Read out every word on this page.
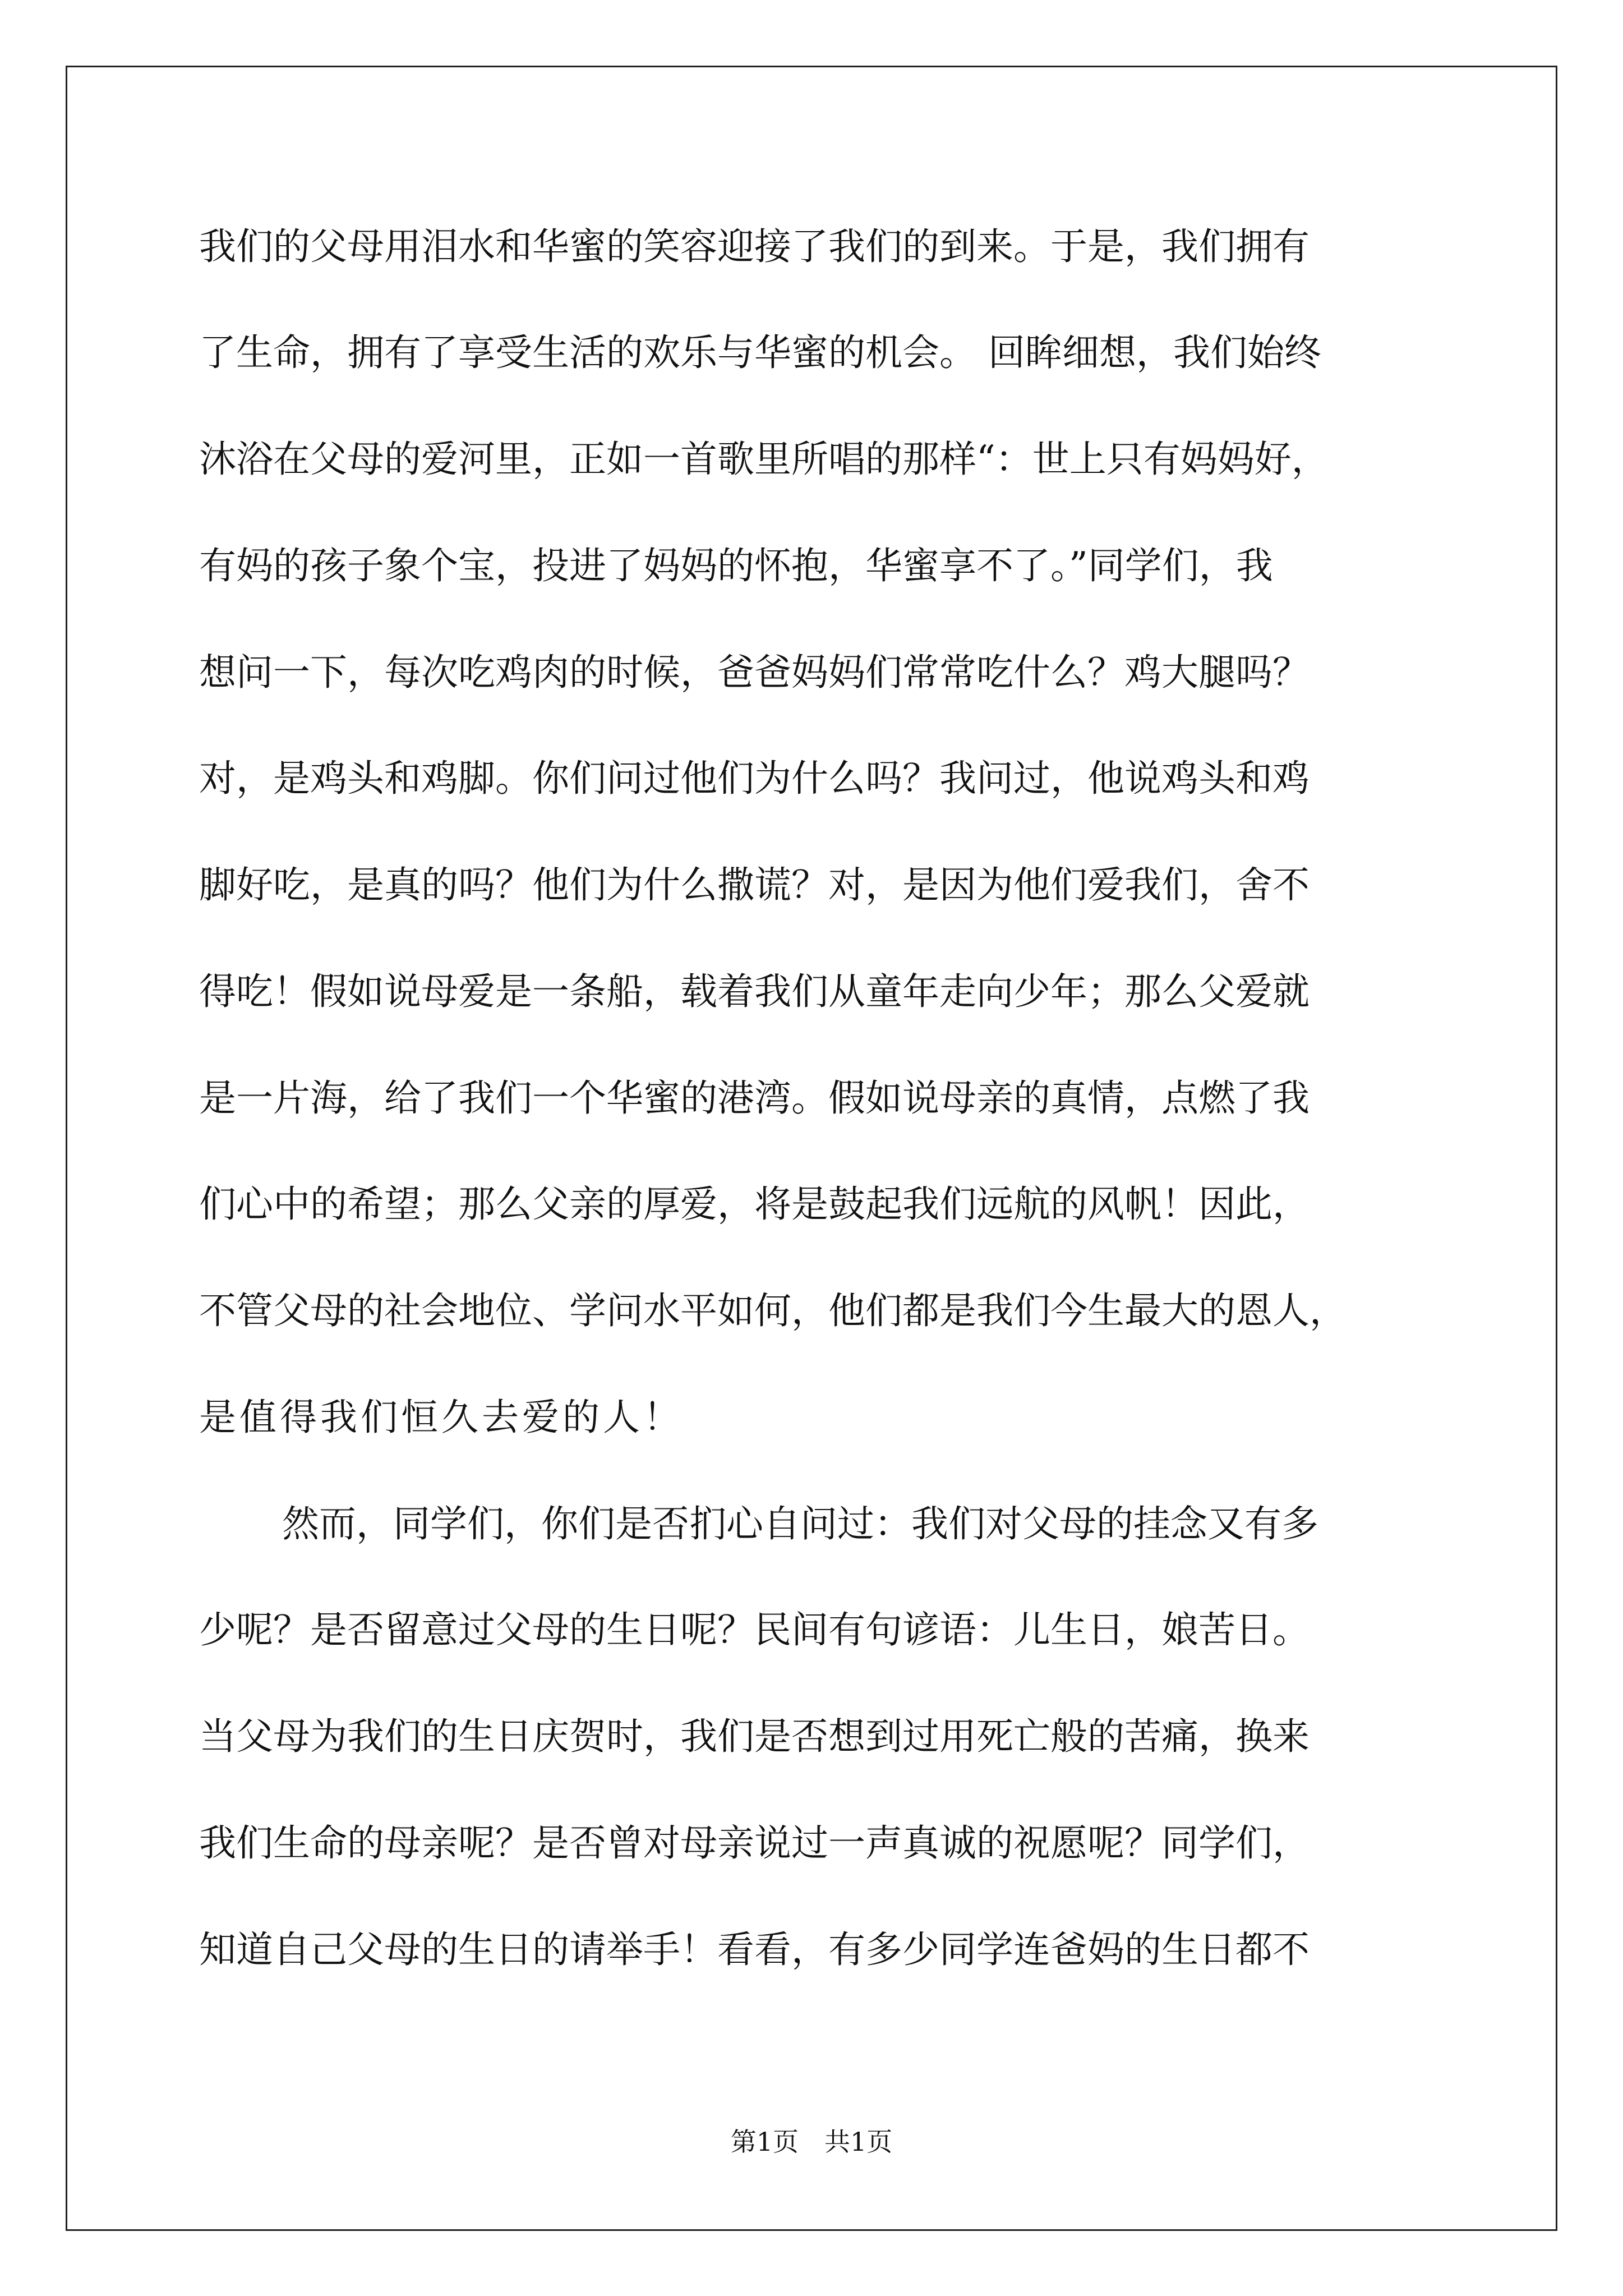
我们的父母用泪水和华蜜的笑容迎接了我们的到来。于是，我们拥有
了生命，拥有了享受生活的欢乐与华蜜的机会。 回眸细想，我们始终
沐浴在父母的爱河里，正如一首歌里所唱的那样“：世上只有妈妈好，
有妈的孩子象个宝，投进了妈妈的怀抱，华蜜享不了。”同学们，我
想问一下，每次吃鸡肉的时候，爸爸妈妈们常常吃什么？鸡大腿吗？
对，是鸡头和鸡脚。你们问过他们为什么吗？我问过，他说鸡头和鸡
脚好吃，是真的吗？他们为什么撒谎？对，是因为他们爱我们，舍不
得吃！假如说母爱是一条船，载着我们从童年走向少年；那么父爱就
是一片海，给了我们一个华蜜的港湾。假如说母亲的真情，点燃了我
们心中的希望；那么父亲的厚爱，将是鼓起我们远航的风帆！因此，
不管父母的社会地位、学问水平如何，他们都是我们今生最大的恩人，
是值得我们恒久去爱的人！
然而，同学们，你们是否扪心自问过：我们对父母的挂念又有多
少呢？是否留意过父母的生日呢？民间有句谚语：儿生日，娘苦日。
当父母为我们的生日庆贺时，我们是否想到过用死亡般的苦痛，换来
我们生命的母亲呢？是否曾对母亲说过一声真诚的祝愿呢？同学们，
知道自己父母的生日的请举手！看看，有多少同学连爸妈的生日都不
第1页　共1页
